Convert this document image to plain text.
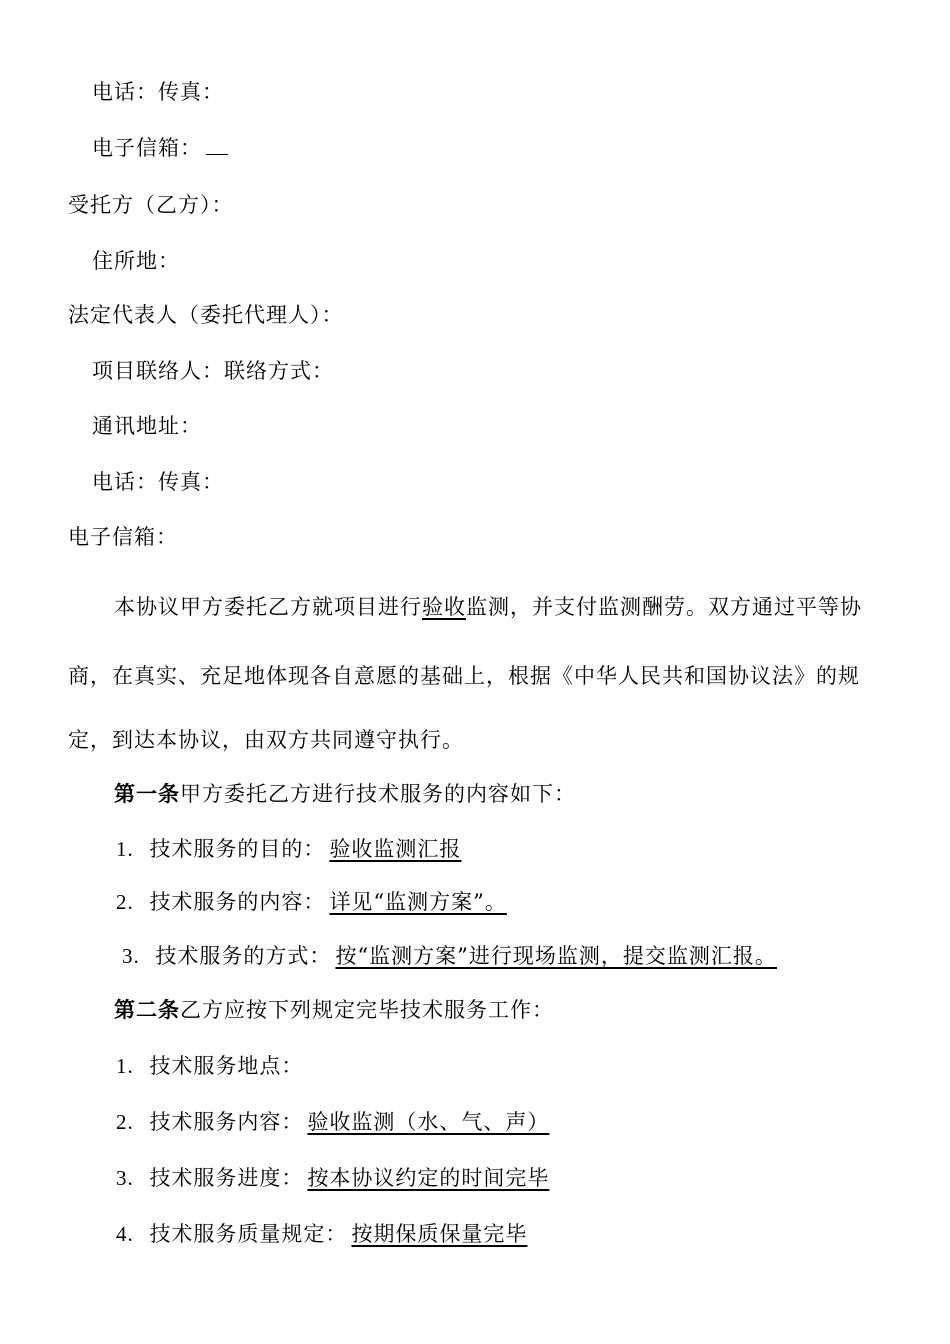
电话：传真：
电子信箱：
受托方（乙方）：
住所地：
法定代表人（委托代理人）：
项目联络人：联络方式：
通讯地址：
电话：传真：
电子信箱：
本协议甲方委托乙方就项目进行验收监测，并支付监测酬劳。双方通过平等协
商，在真实、充足地体现各自意愿的基础上，根据《中华人民共和国协议法》的规
定，到达本协议，由双方共同遵守执行。
第一条甲方委托乙方进行技术服务的内容如下：
1. 技术服务的目的： 验收监测汇报
2. 技术服务的内容： 详见“监测方案”。
3. 技术服务的方式： 按“监测方案”进行现场监测，提交监测汇报。
第二条乙方应按下列规定完毕技术服务工作：
1. 技术服务地点：
2. 技术服务内容： 验收监测（水、气、声）
3. 技术服务进度： 按本协议约定的时间完毕
4. 技术服务质量规定： 按期保质保量完毕
